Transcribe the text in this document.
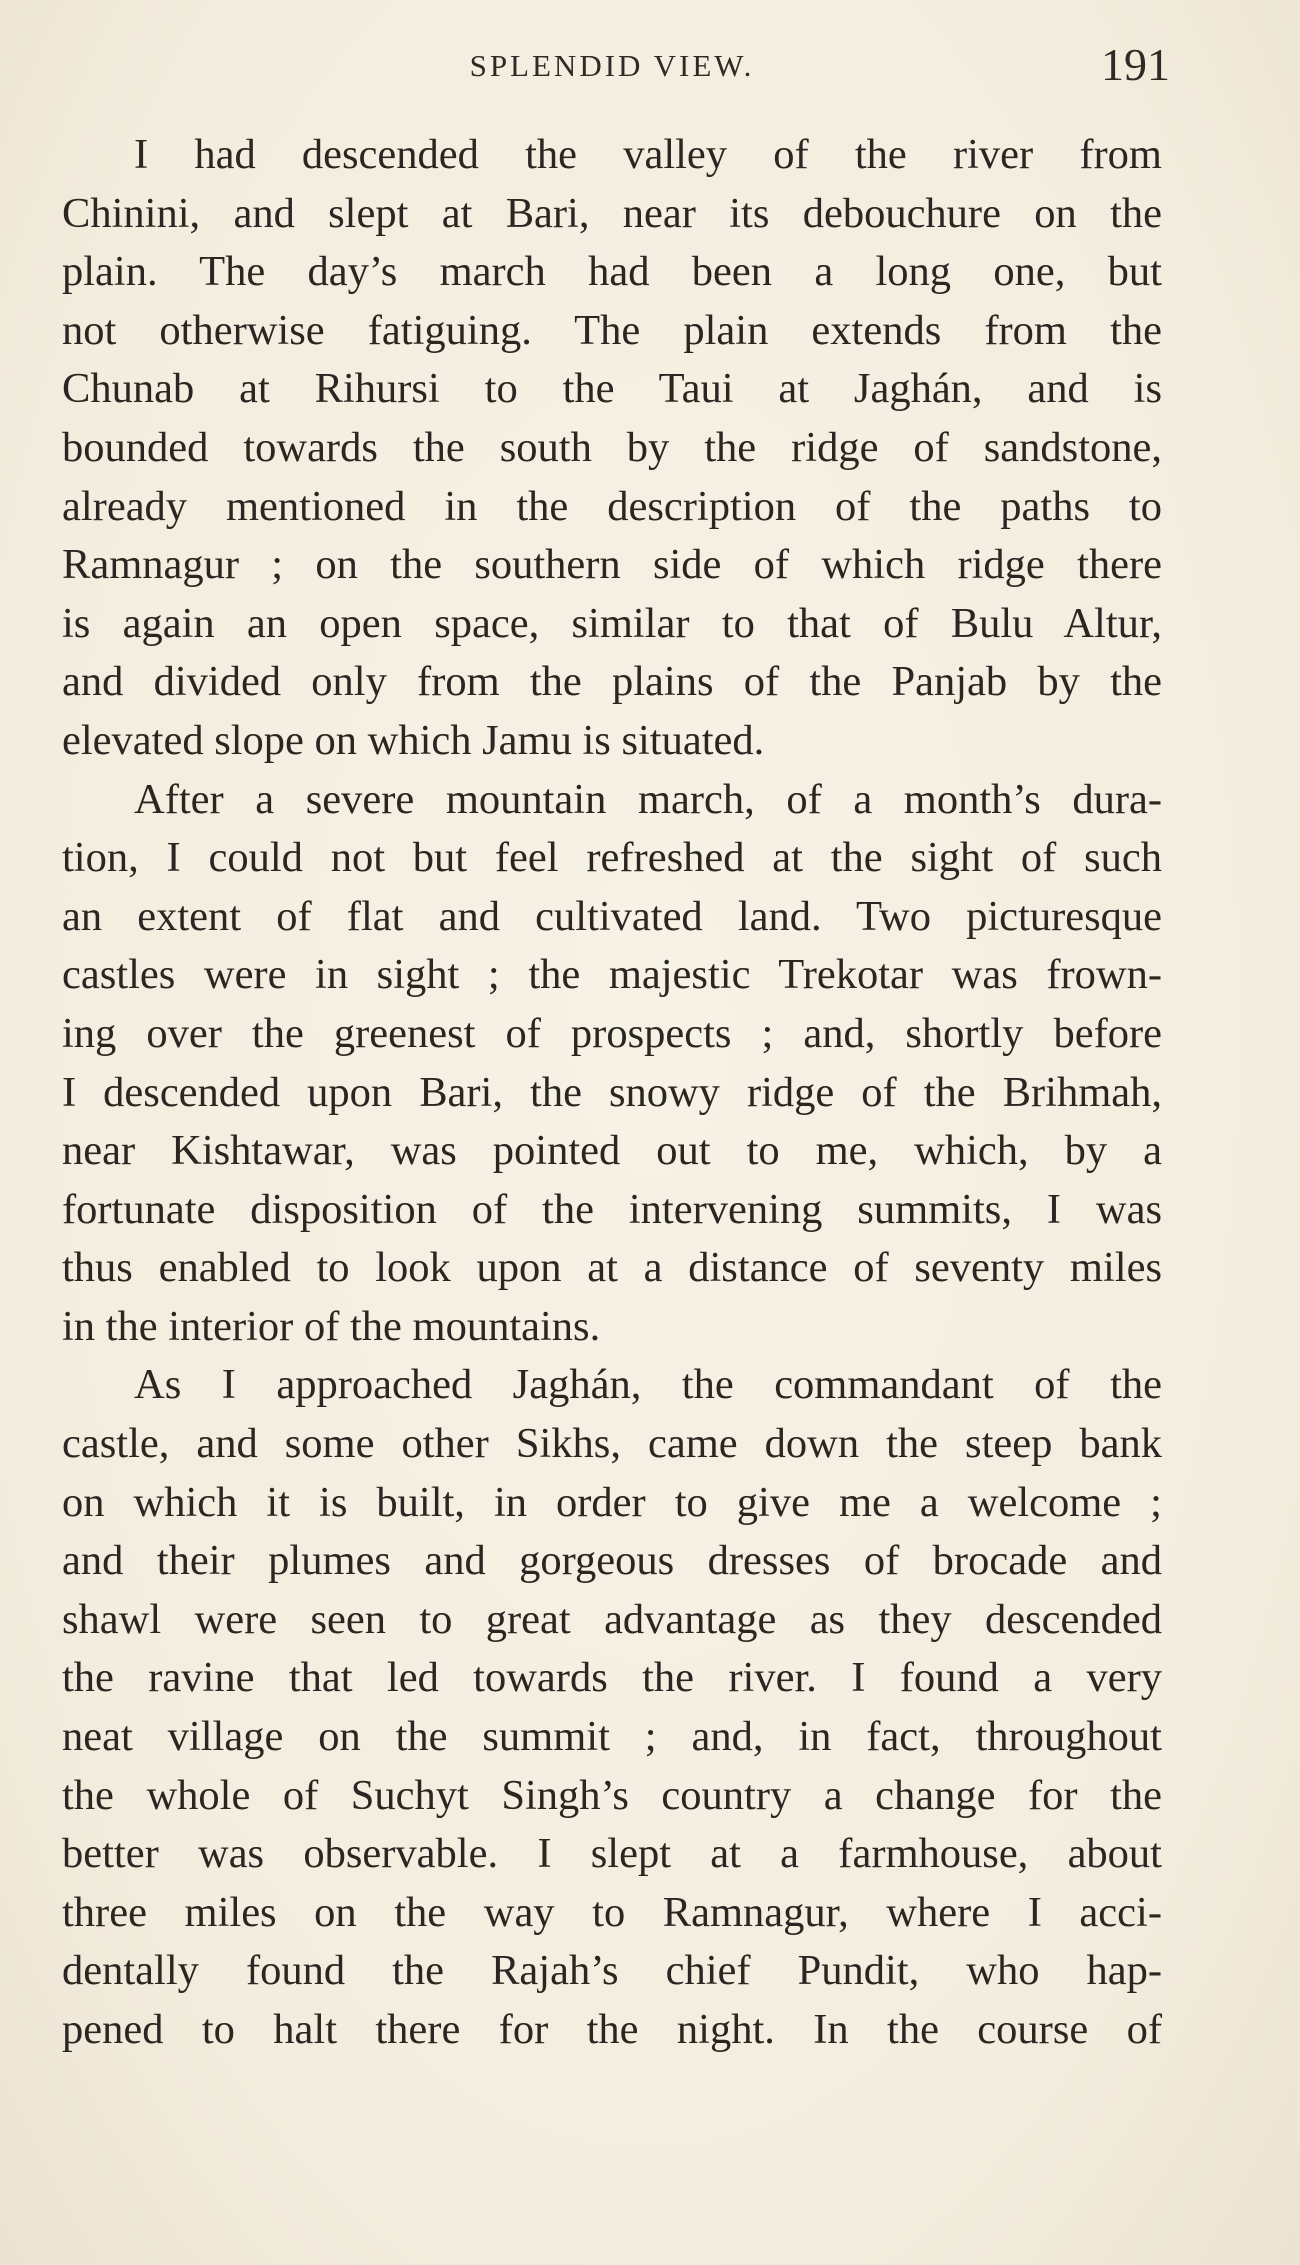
SPLENDID VIEW.	191
I had descended the valley of the river from
Chinini, and slept at Bari, near its debouchure on the
plain. The day’s march had been a long one, but
not otherwise fatiguing. The plain extends from the
Chunab at Rihursi to the Taui at Jaghán, and is
bounded towards the south by the ridge of sandstone,
already mentioned in the description of the paths to
Ramnagur ; on the southern side of which ridge there
is again an open space, similar to that of Bulu Altur,
and divided only from the plains of the Panjab by the
elevated slope on which Jamu is situated.
After a severe mountain march, of a month’s dura-
tion, I could not but feel refreshed at the sight of such
an extent of flat and cultivated land. Two picturesque
castles were in sight ; the majestic Trekotar was frown-
ing over the greenest of prospects ; and, shortly before
I descended upon Bari, the snowy ridge of the Brihmah,
near Kishtawar, was pointed out to me, which, by a
fortunate disposition of the intervening summits, I was
thus enabled to look upon at a distance of seventy miles
in the interior of the mountains.
As I approached Jaghán, the commandant of the
castle, and some other Sikhs, came down the steep bank
on which it is built, in order to give me a welcome ;
and their plumes and gorgeous dresses of brocade and
shawl were seen to great advantage as they descended
the ravine that led towards the river. I found a very
neat village on the summit ; and, in fact, throughout
the whole of Suchyt Singh’s country a change for the
better was observable. I slept at a farmhouse, about
three miles on the way to Ramnagur, where I acci-
dentally found the Rajah’s chief Pundit, who hap-
pened to halt there for the night. In the course of
